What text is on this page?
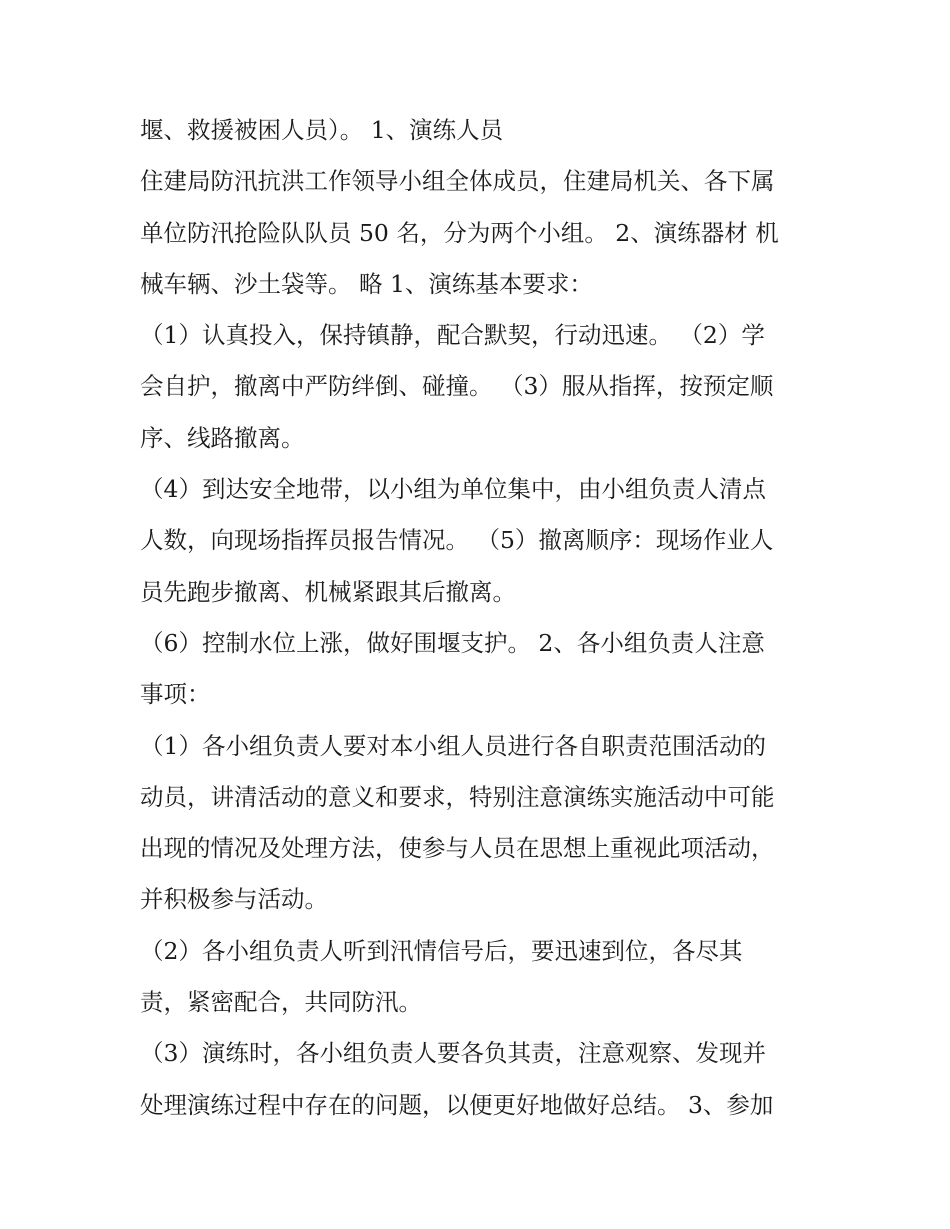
堰、救援被困人员）。 1、演练人员
住建局防汛抗洪工作领导小组全体成员，住建局机关、各下属
单位防汛抢险队队员 50 名，分为两个小组。 2、演练器材 机
械车辆、沙土袋等。 略 1、演练基本要求：
（1）认真投入，保持镇静，配合默契，行动迅速。 （2）学
会自护，撤离中严防绊倒、碰撞。 （3）服从指挥，按预定顺
序、线路撤离。
（4）到达安全地带，以小组为单位集中，由小组负责人清点
人数，向现场指挥员报告情况。 （5）撤离顺序：现场作业人
员先跑步撤离、机械紧跟其后撤离。
（6）控制水位上涨，做好围堰支护。 2、各小组负责人注意
事项：
（1）各小组负责人要对本小组人员进行各自职责范围活动的
动员，讲清活动的意义和要求，特别注意演练实施活动中可能
出现的情况及处理方法，使参与人员在思想上重视此项活动，
并积极参与活动。
（2）各小组负责人听到汛情信号后，要迅速到位，各尽其
责，紧密配合，共同防汛。
（3）演练时，各小组负责人要各负其责，注意观察、发现并
处理演练过程中存在的问题，以便更好地做好总结。 3、参加
